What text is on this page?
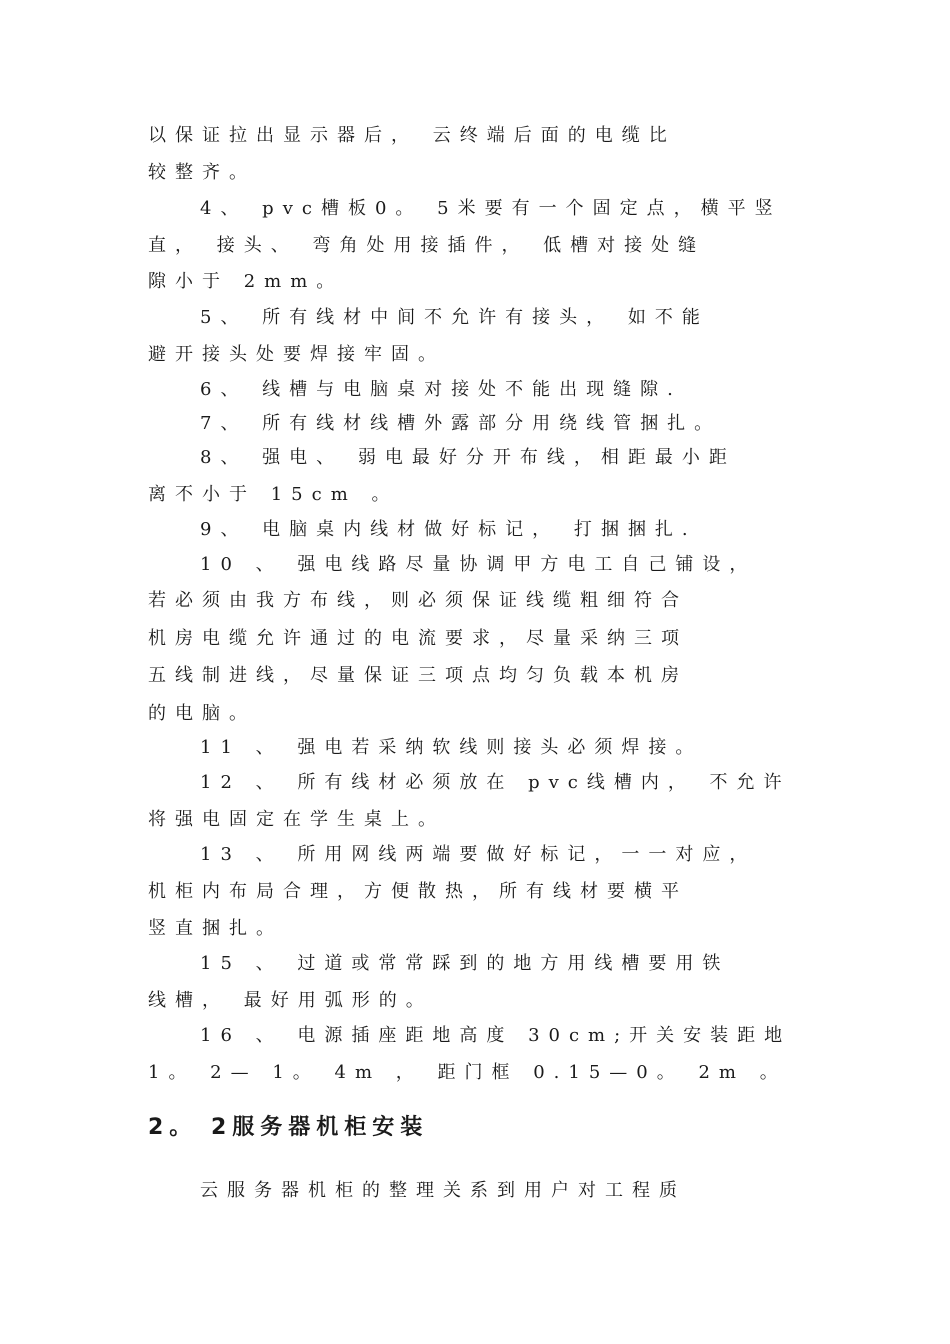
以保证拉出显示器后， 云终端后面的电缆比
较整齐。
4、 pvc槽板0。 5米要有一个固定点，横平竖
直， 接头、 弯角处用接插件， 低槽对接处缝
隙小于 2mm。
5、 所有线材中间不允许有接头， 如不能
避开接头处要焊接牢固。
6、 线槽与电脑桌对接处不能出现缝隙.
7、 所有线材线槽外露部分用绕线管捆扎。
8、 强电、 弱电最好分开布线，相距最小距
离不小于 15cm 。
9、 电脑桌内线材做好标记， 打捆捆扎.
10 、 强电线路尽量协调甲方电工自己铺设，
若必须由我方布线，则必须保证线缆粗细符合
机房电缆允许通过的电流要求，尽量采纳三项
五线制进线，尽量保证三项点均匀负载本机房
的电脑。
11 、 强电若采纳软线则接头必须焊接。
12 、 所有线材必须放在 pvc线槽内， 不允许
将强电固定在学生桌上。
13 、 所用网线两端要做好标记，一一对应，
机柜内布局合理，方便散热，所有线材要横平
竖直捆扎。
15 、 过道或常常踩到的地方用线槽要用铁
线槽， 最好用弧形的。
16 、 电源插座距地高度 30cm;开关安装距地
1。 2— 1。 4m ， 距门框 0.15—0。 2m 。
2。 2服务器机柜安装
云服务器机柜的整理关系到用户对工程质
